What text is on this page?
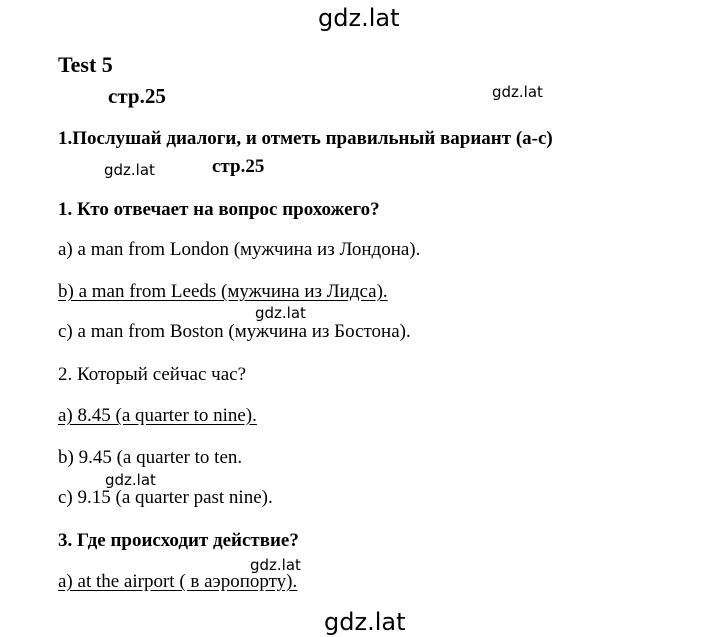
gdz.lat
gdz.lat
gdz.lat
gdz.lat
gdz.lat
gdz.lat
gdz.lat
Test 5
стр.25
1.Послушай диалоги, и отметь правильный вариант (a-c)
стр.25
1. Кто отвечает на вопрос прохожего?
a) a man from London (мужчина из Лондона).
b) a man from Leeds (мужчина из Лидса).
c) a man from Boston (мужчина из Бостона).
2. Который сейчас час?
a) 8.45 (a quarter to nine).
b) 9.45 (a quarter to ten.
c) 9.15 (a quarter past nine).
3. Где происходит действие?
a) at the airport ( в аэропорту).
